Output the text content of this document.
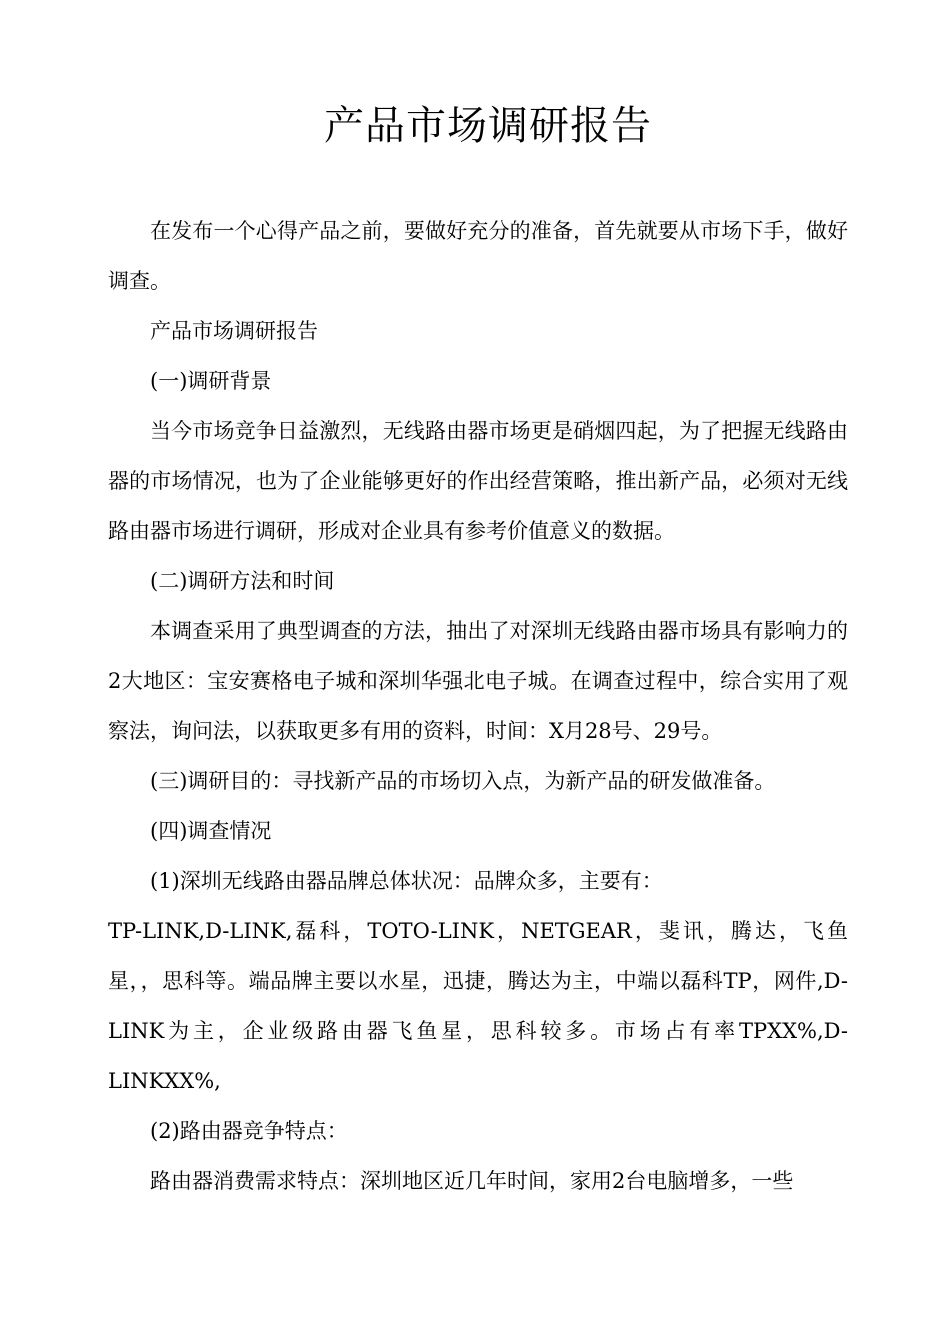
产品市场调研报告

在发布一个心得产品之前，要做好充分的准备，首先就要从市场下手，做好调查。

产品市场调研报告

(一)调研背景

当今市场竞争日益激烈，无线路由器市场更是硝烟四起，为了把握无线路由器的市场情况，也为了企业能够更好的作出经营策略，推出新产品，必须对无线路由器市场进行调研，形成对企业具有参考价值意义的数据。

(二)调研方法和时间

本调查采用了典型调查的方法，抽出了对深圳无线路由器市场具有影响力的2大地区：宝安赛格电子城和深圳华强北电子城。在调查过程中，综合实用了观察法，询问法，以获取更多有用的资料，时间：X月28号、29号。

(三)调研目的：寻找新产品的市场切入点，为新产品的研发做准备。

(四)调查情况

(1)深圳无线路由器品牌总体状况：品牌众多，主要有：

TP-LINK,D-LINK,磊科，TOTO-LINK，NETGEAR，斐讯，腾达，飞鱼星，，思科等。端品牌主要以水星，迅捷，腾达为主，中端以磊科TP，网件,D-LINK为主，企业级路由器飞鱼星，思科较多。市场占有率TPXX%,D-LINKXX%,

(2)路由器竞争特点：

路由器消费需求特点：深圳地区近几年时间，家用2台电脑增多，一些
